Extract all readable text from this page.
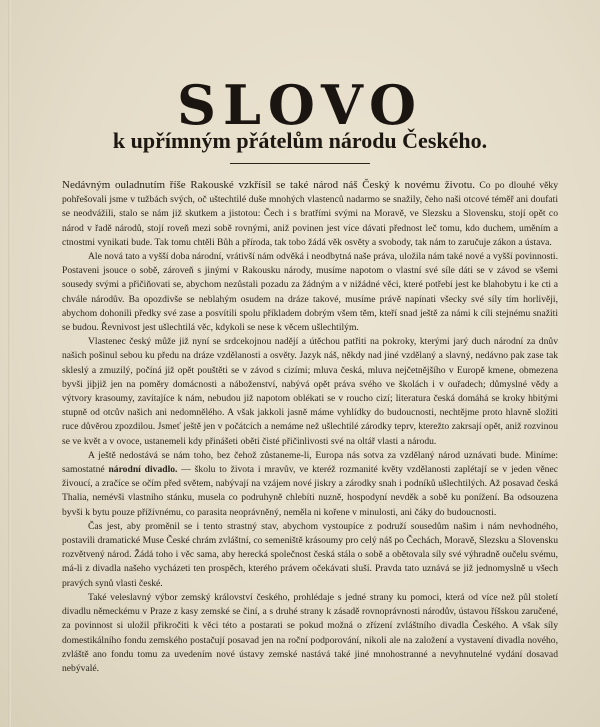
SLOVO
k upřímným přátelům národu Českého.

Nedávným ouladnutím říše Rakouské vzkřísil se také národ náš Český k novému životu. Co po dlouhé věky pohřešovali jsme v tužbách svých, oč uštechtilé duše mnohých vlastenců nadarmo se snažily, čeho naši otcové téměř ani doufati se neodvážili, stalo se nám již skutkem a jistotou: Čech i s bratřími svými na Moravě, ve Slezsku a Slovensku, stojí opět co národ v řadě národů, stojí roveň mezi sobě rovnými, aniž povinen jest více dávati přednost leč tomu, kdo duchem, uměním a ctnostmi vynikati bude. Tak tomu chtěli Bůh a příroda, tak tobo žádá věk osvěty a svobody, tak nám to zaručuje zákon a ústava.

Ale nová tato a vyšší doba národní, vrátivší nám odvěká i neodbytná naše práva, uložila nám také nové a vyšší povinnosti. Postaveni jsouce o sobě, zároveň s jinými v Rakousku národy, musíme napotom o vlastní své síle dáti se v závod se všemi sousedy svými a přičiňovati se, abychom nezůstali pozadu za žádným a v nižádné věci, které potřebí jest ke blahobytu i ke cti a chvále národův. Ba opozdivše se neblahým osudem na dráze takové, musíme právě napínati všecky své síly tím horlivěji, abychom dohonili předky své zase a posvítili spolu příkladem dobrým všem těm, kteří snad ještě za námi k cíli stejnému snažiti se budou. Řevnivost jest ušlechtilá věc, kdykoli se nese k věcem ušlechtilým.

Vlastenec český může již nyní se srdcekojnou nadějí a útěchou patřiti na pokroky, kterými jarý duch národní za dnův našich pošinul sebou ku předu na dráze vzdělanosti a osvěty. Jazyk náš, někdy nad jiné vzdělaný a slavný, nedávno pak zase tak skleslý a zmuzilý, počíná již opět pouštěti se v závod s cizími; mluva česká, mluva nejčetnějšího v Europě kmene, obmezena byvši jiþjiž jen na poměry domácnosti a náboženství, nabývá opět práva svého ve školách i v ouřadech; důmyslné vědy a výtvory krasoumy, zavítajíce k nám, nebudou již napotom oblékati se v roucho cizí; literatura česká domáhá se kroky hbitými stupně od otcův našich ani nedomnělého. A však jakkoli jasně máme vyhlídky do budoucnosti, nechtějme proto hlavně složiti ruce důvěrou zpozdilou. Jsmeť ještě jen v počátcích a nemáme než ušlechtilé zárodky teprv, kterežto zakrsají opět, aniž rozvinou se ve květ a v ovoce, ustanemeli kdy přinášeti oběti čisté přičinlivosti své na oltář vlasti a národu.

A ještě nedostává se nám toho, bez čehož zůstaneme-li, Europa nás sotva za vzdělaný národ uznávati bude. Miníme: samostatné národní divadlo. — školu to života i mravův, ve kteréž rozmanité květy vzdělanosti zaplétají se v jeden věnec živoucí, a zračíce se očím před světem, nabývají na vzájem nové jiskry a zárodky snah i podníků ušlechtilých. Až posavad česká Thalia, nemévši vlastního stánku, musela co podruhyně chlebíti nuzně, hospodyní nevděk a sobě ku ponížení. Ba odsouzena byvši k bytu pouze přížívnému, co parasita neoprávněný, neměla ni kořene v minulosti, ani čáky do budoucnosti.

Čas jest, aby proměnil se i tento strastný stav, abychom vystoupíce z podruží sousedům našim i nám nevhodného, postavili dramatické Muse České chrám zvláštní, co semeniště krásoumy pro celý náš po Čechách, Moravě, Slezsku a Slovensku rozvětvený národ. Žádá toho i věc sama, aby herecká společnost česká stála o sobě a obětovala síly své výhradně oučelu svému, má-li z divadla našeho vycházeti ten prospěch, kterého právem očekávati sluší. Pravda tato uznává se již jednomyslně u všech pravých synů vlasti české.

Také veleslavný výbor zemský království českého, prohlédaje s jedné strany ku pomoci, která od více než půl století divadlu německému v Praze z kasy zemské se činí, a s druhé strany k zásadě rovnoprávnosti národův, ústavou říšskou zaručené, za povinnost si uložil přikročiti k věci této a postarati se pokud možná o zřízení zvláštního divadla Českého. A však síly domestikálního fondu zemského postačují posavad jen na roční podporování, nikoli ale na založení a vystavení divadla nového, zvláště ano fondu tomu za uvedením nové ústavy zemské nastává také jiné mnohostranné a nevyhnutelné vydání dosavad nebývalé.
